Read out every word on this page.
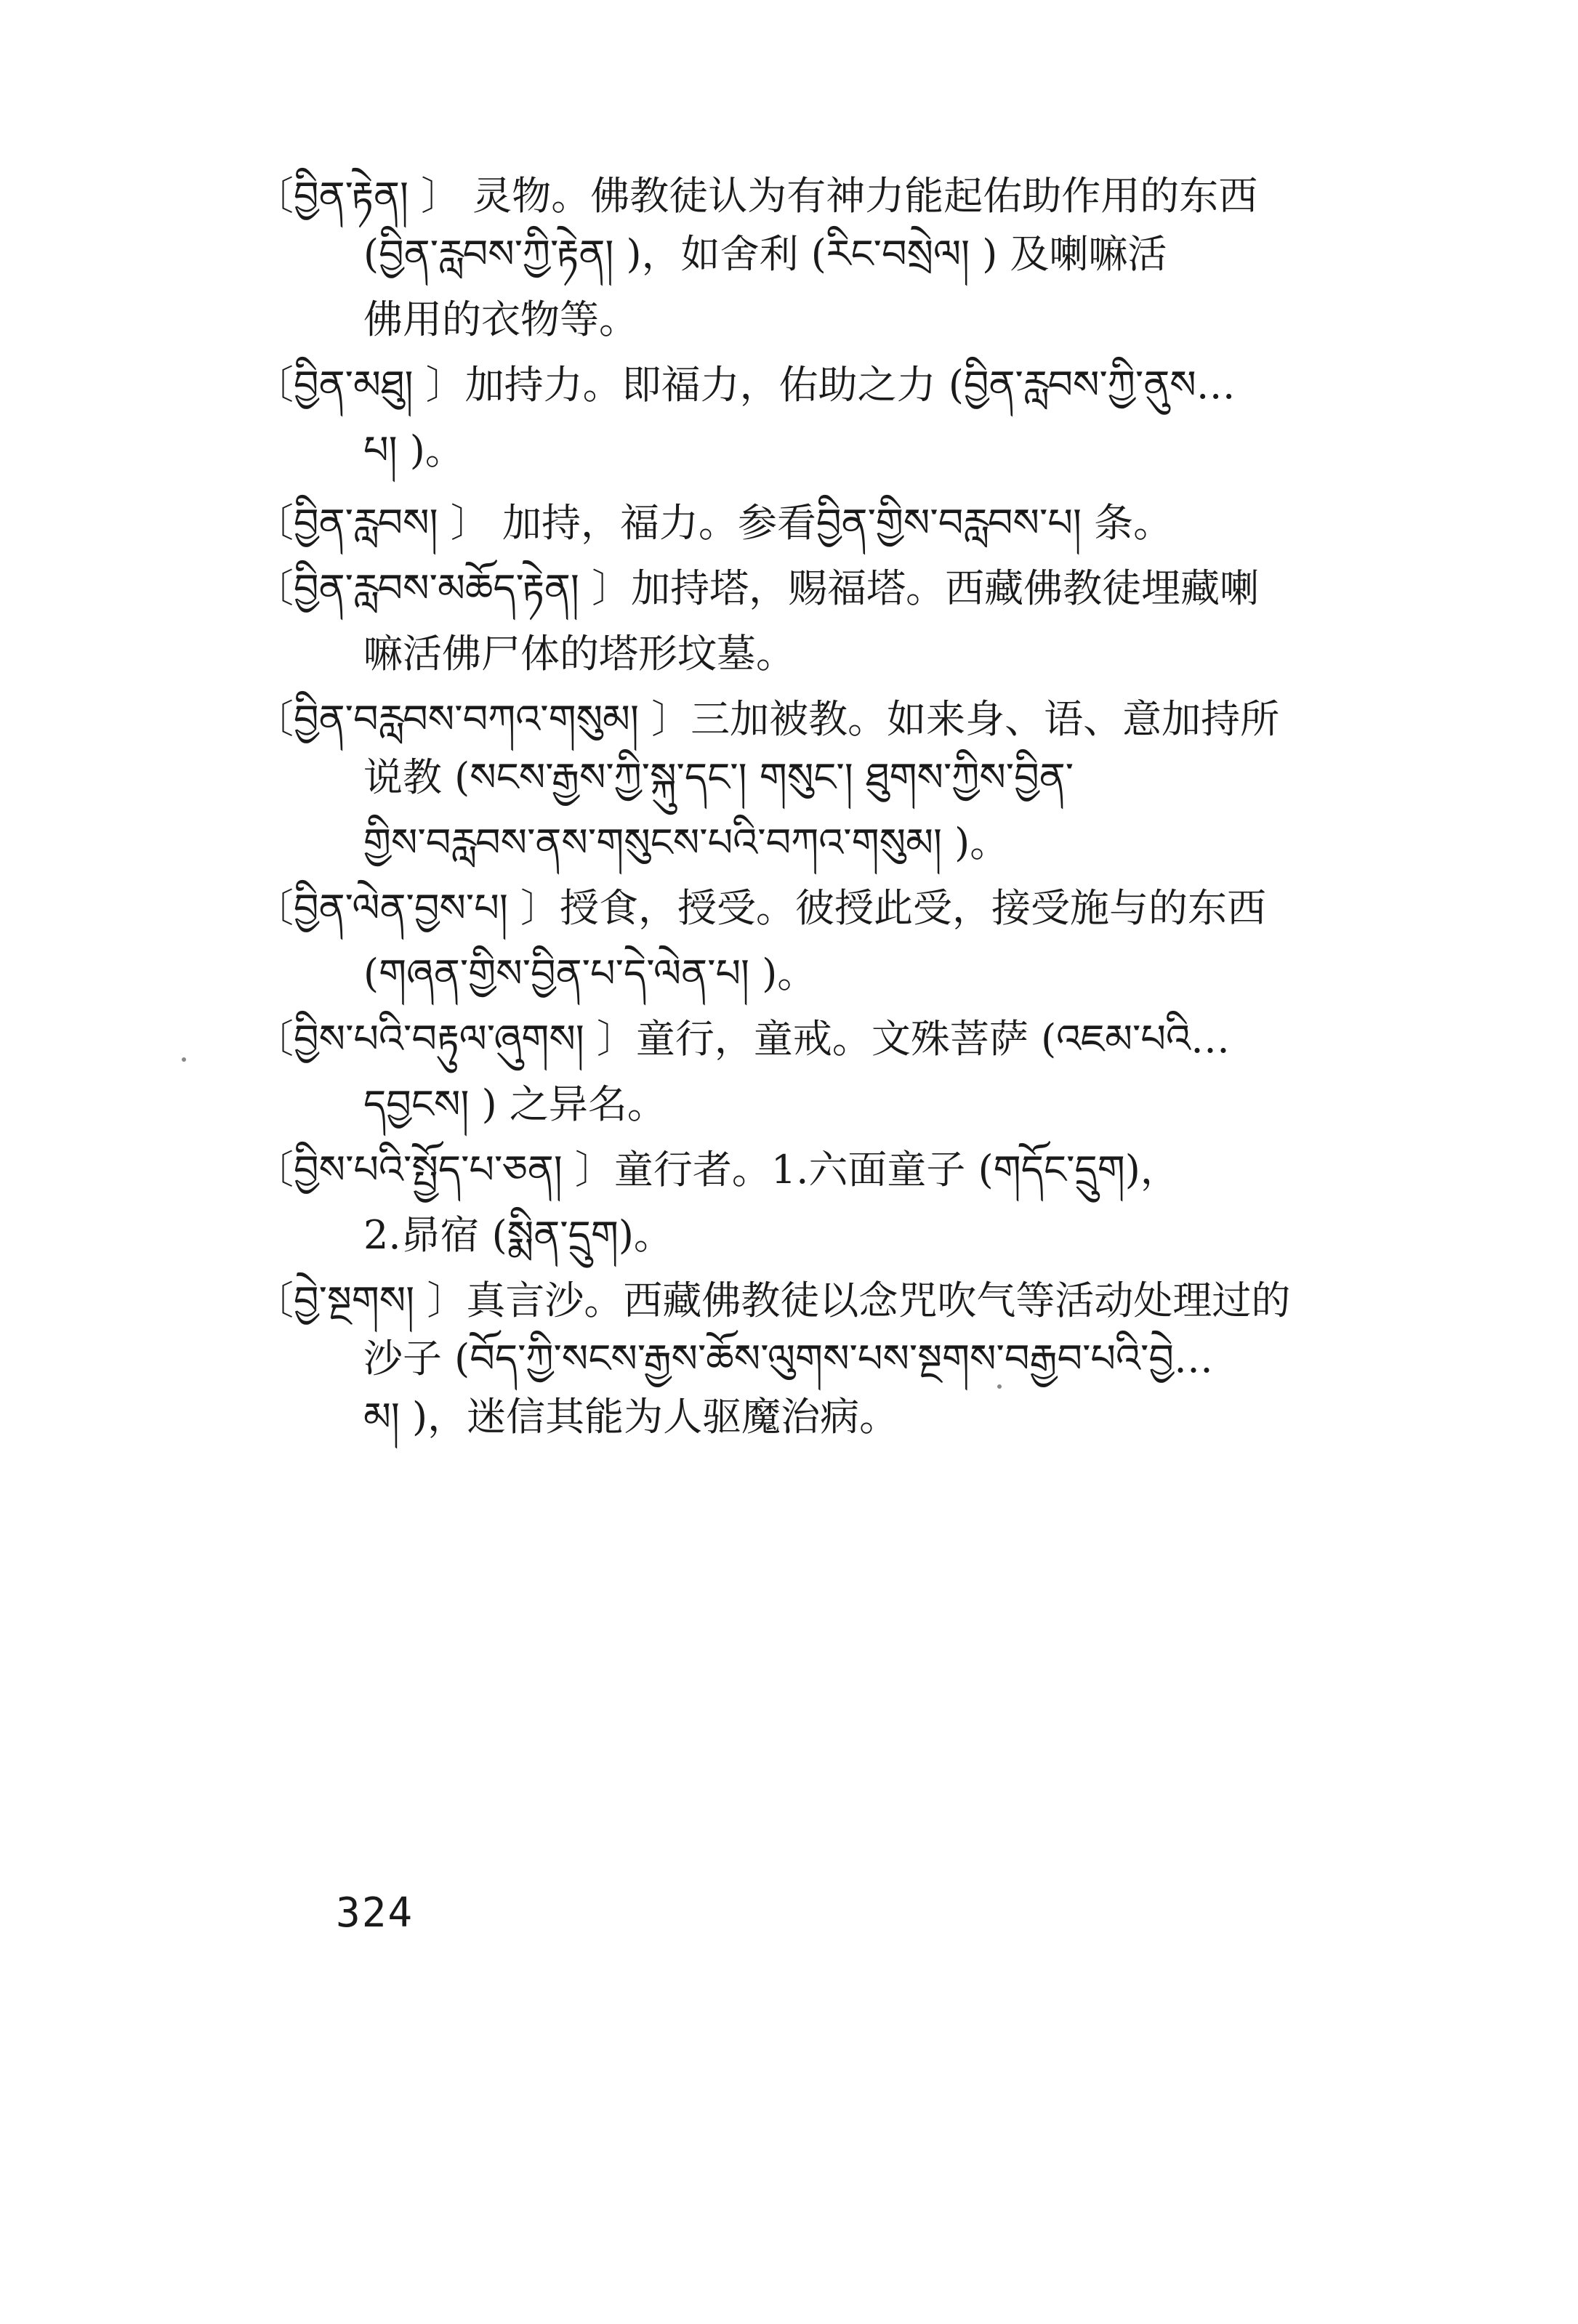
〔བྱིན་རྟེན། 〕 灵物。佛教徒认为有神力能起佑助作用的东西
(བྱིན་རླབས་ཀྱི་རྟེན། )，如舍利 (རིང་བསྲེལ། ) 及喇嘛活
佛用的衣物等。
〔བྱིན་མཐུ། 〕加持力。即福力，佑助之力 (བྱིན་རླབས་ཀྱི་ནུས…
པ། )。
〔བྱིན་རླབས། 〕 加持，福力。参看བྱིན་གྱིས་བརླབས་པ། 条。
〔བྱིན་རླབས་མཆོད་རྟེན། 〕加持塔，赐福塔。西藏佛教徒埋藏喇
嘛活佛尸体的塔形坟墓。
〔བྱིན་བརླབས་བཀའ་གསུམ། 〕三加被教。如来身、语、意加持所
说教 (སངས་རྒྱས་ཀྱི་སྐུ་དང་། གསུང་། ཐུགས་ཀྱིས་བྱིན་
གྱིས་བརླབས་ནས་གསུངས་པའི་བཀའ་གསུམ། )。
〔བྱིན་ལེན་བྱས་པ། 〕授食，授受。彼授此受，接受施与的东西
(གཞན་གྱིས་བྱིན་པ་དེ་ལེན་པ། )。
〔བྱིས་པའི་བརྟུལ་ཞུགས། 〕童行，童戒。文殊菩萨 (འཇམ་པའི…
དབྱངས། ) 之异名。
〔བྱིས་པའི་སྤྱོད་པ་ཅན། 〕童行者。1.六面童子 (གདོང་དྲུག)，
2.昴宿 (སྨིན་དྲུག)。
〔བྱེ་སྔགས། 〕真言沙。西藏佛教徒以念咒吹气等活动处理过的
沙子 (བོད་ཀྱི་སངས་རྒྱས་ཆོས་ལུགས་པས་སྔགས་བརྒྱབ་པའི་བྱེ…
མ། )，迷信其能为人驱魔治病。
324
